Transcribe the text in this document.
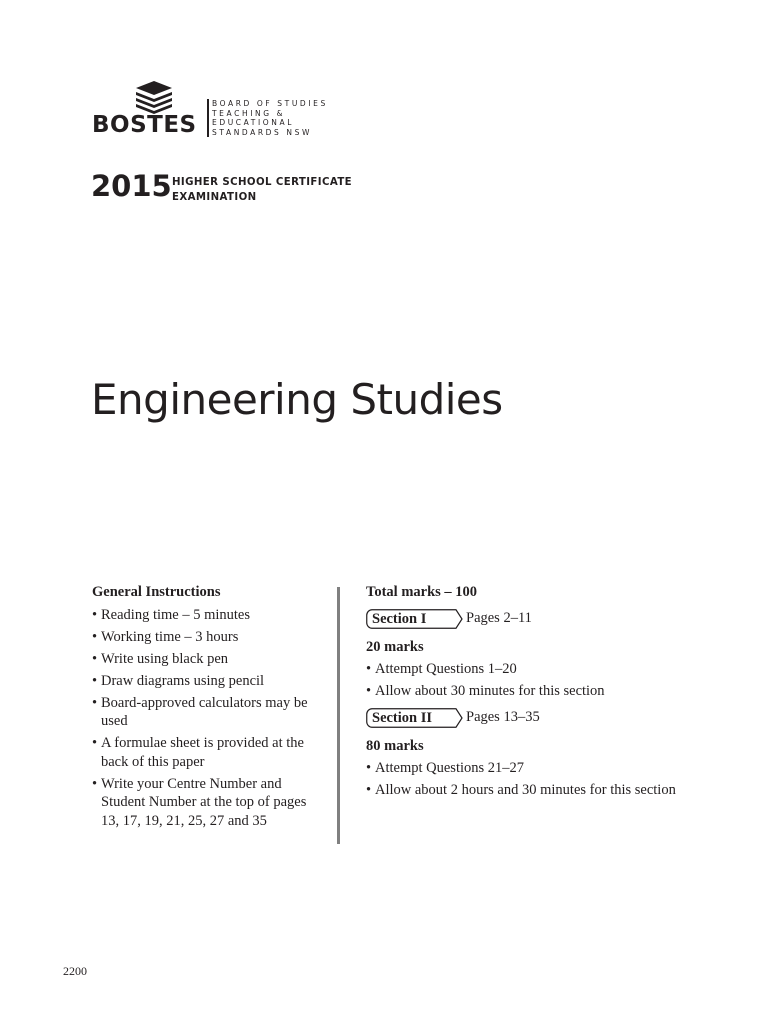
BOSTES
BOARD OF STUDIES
TEACHING &
EDUCATIONAL
STANDARDS NSW
2015 HIGHER SCHOOL CERTIFICATE
EXAMINATION
Engineering Studies
General Instructions
• Reading time – 5 minutes
• Working time – 3 hours
• Write using black pen
• Draw diagrams using pencil
• Board-approved calculators may be used
• A formulae sheet is provided at the back of this paper
• Write your Centre Number and Student Number at the top of pages 13, 17, 19, 21, 25, 27 and 35
Total marks – 100
Section I	Pages 2–11
20 marks
• Attempt Questions 1–20
• Allow about 30 minutes for this section
Section II Pages 13–35
80 marks
• Attempt Questions 21–27
• Allow about 2 hours and 30 minutes for this section
2200
